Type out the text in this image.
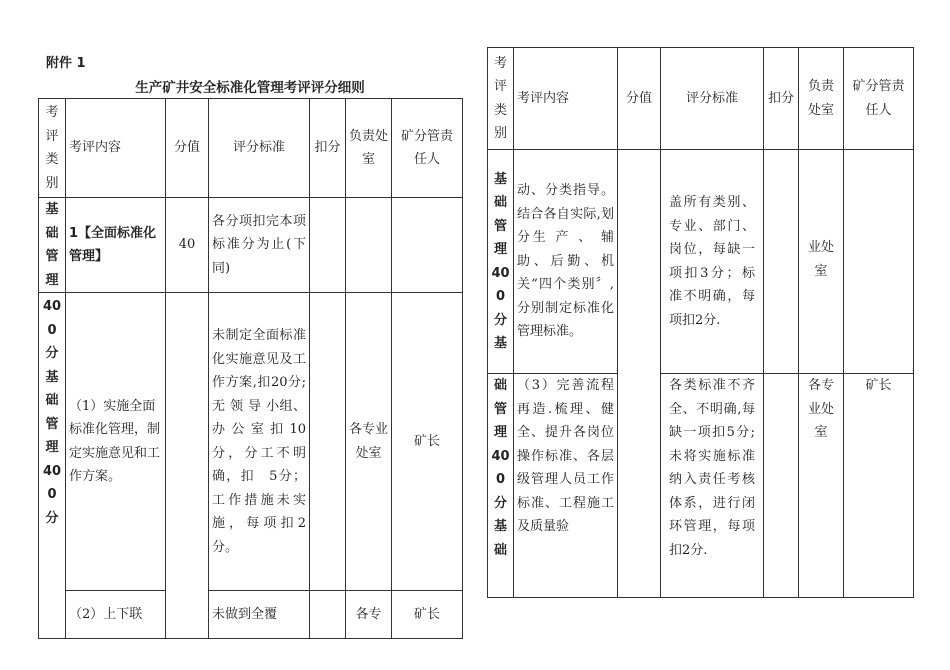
附件 1
生产矿井安全标准化管理考评评分细则
考评类别	考评内容	分值	评分标准	扣分	负责处室	矿分管责任人
基础管理	1【全面标准化管理】	40	各分项扣完本项标准分为止(下同)			
400分基础管理400分	（1）实施全面标准化管理，制定实施意见和工作方案。		未制定全面标准化实施意见及工作方案,扣20分;无 领 导 小组、办公室扣10分，分工不明确，扣　5分；工作措施未实施，每项扣2分。		各专业处室	矿长
	（2）上下联		未做到全覆		各专	矿长
考评类别	考评内容	分值	评分标准	扣分	负责处室	矿分管责任人
基础管理400分基	动、分类指导。结合各自实际,划分生 产 、 辅助、后勤、机关“四个类别〞,分别制定标准化管理标准。		盖所有类别、专业、部门、岗位，每缺一项扣3分；标准不明确，每项扣2分.		业处室	
础管理400分基础	（3）完善流程再造.梳理、健全、提升各岗位操作标准、各层级管理人员工作标准、工程施工及质量验		各类标准不齐全、不明确,每缺一项扣5分;未将实施标准纳入责任考核体系，进行闭环管理，每项扣2分.		各专业处室	矿长
